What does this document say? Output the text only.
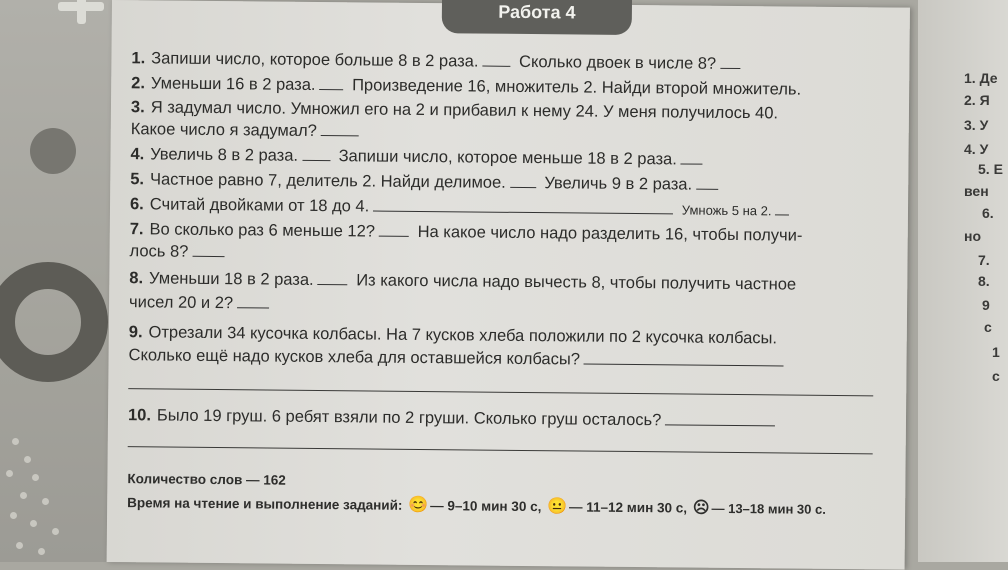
1. Де
2. Я
3. У
4. У
5. Е
вен
6.
но
7.
8.
9
с
1
с
Работа 4
1. Запиши число, которое больше 8 в 2 раза. Сколько двоек в числе 8?
2. Уменьши 16 в 2 раза. Произведение 16, множитель 2. Найди второй множитель.
3. Я задумал число. Умножил его на 2 и прибавил к нему 24. У меня получилось 40.
Какое число я задумал?
4. Увеличь 8 в 2 раза. Запиши число, которое меньше 18 в 2 раза.
5. Частное равно 7, делитель 2. Найди делимое. Увеличь 9 в 2 раза.
6. Считай двойками от 18 до 4.	Умножь 5 на 2.
7. Во сколько раз 6 меньше 12?	На какое число надо разделить 16, чтобы получи-
лось 8?
8. Уменьши 18 в 2 раза.	Из какого числа надо вычесть 8, чтобы получить частное
чисел 20 и 2?
9. Отрезали 34 кусочка колбасы. На 7 кусков хлеба положили по 2 кусочка колбасы.
Сколько ещё надо кусков хлеба для оставшейся колбасы?
10. Было 19 груш. 6 ребят взяли по 2 груши. Сколько груш осталось?
Количество слов — 162
Время на чтение и выполнение заданий: 😊 — 9–10 мин 30 с, 😐 — 11–12 мин 30 с, ☹ — 13–18 мин 30 с.
